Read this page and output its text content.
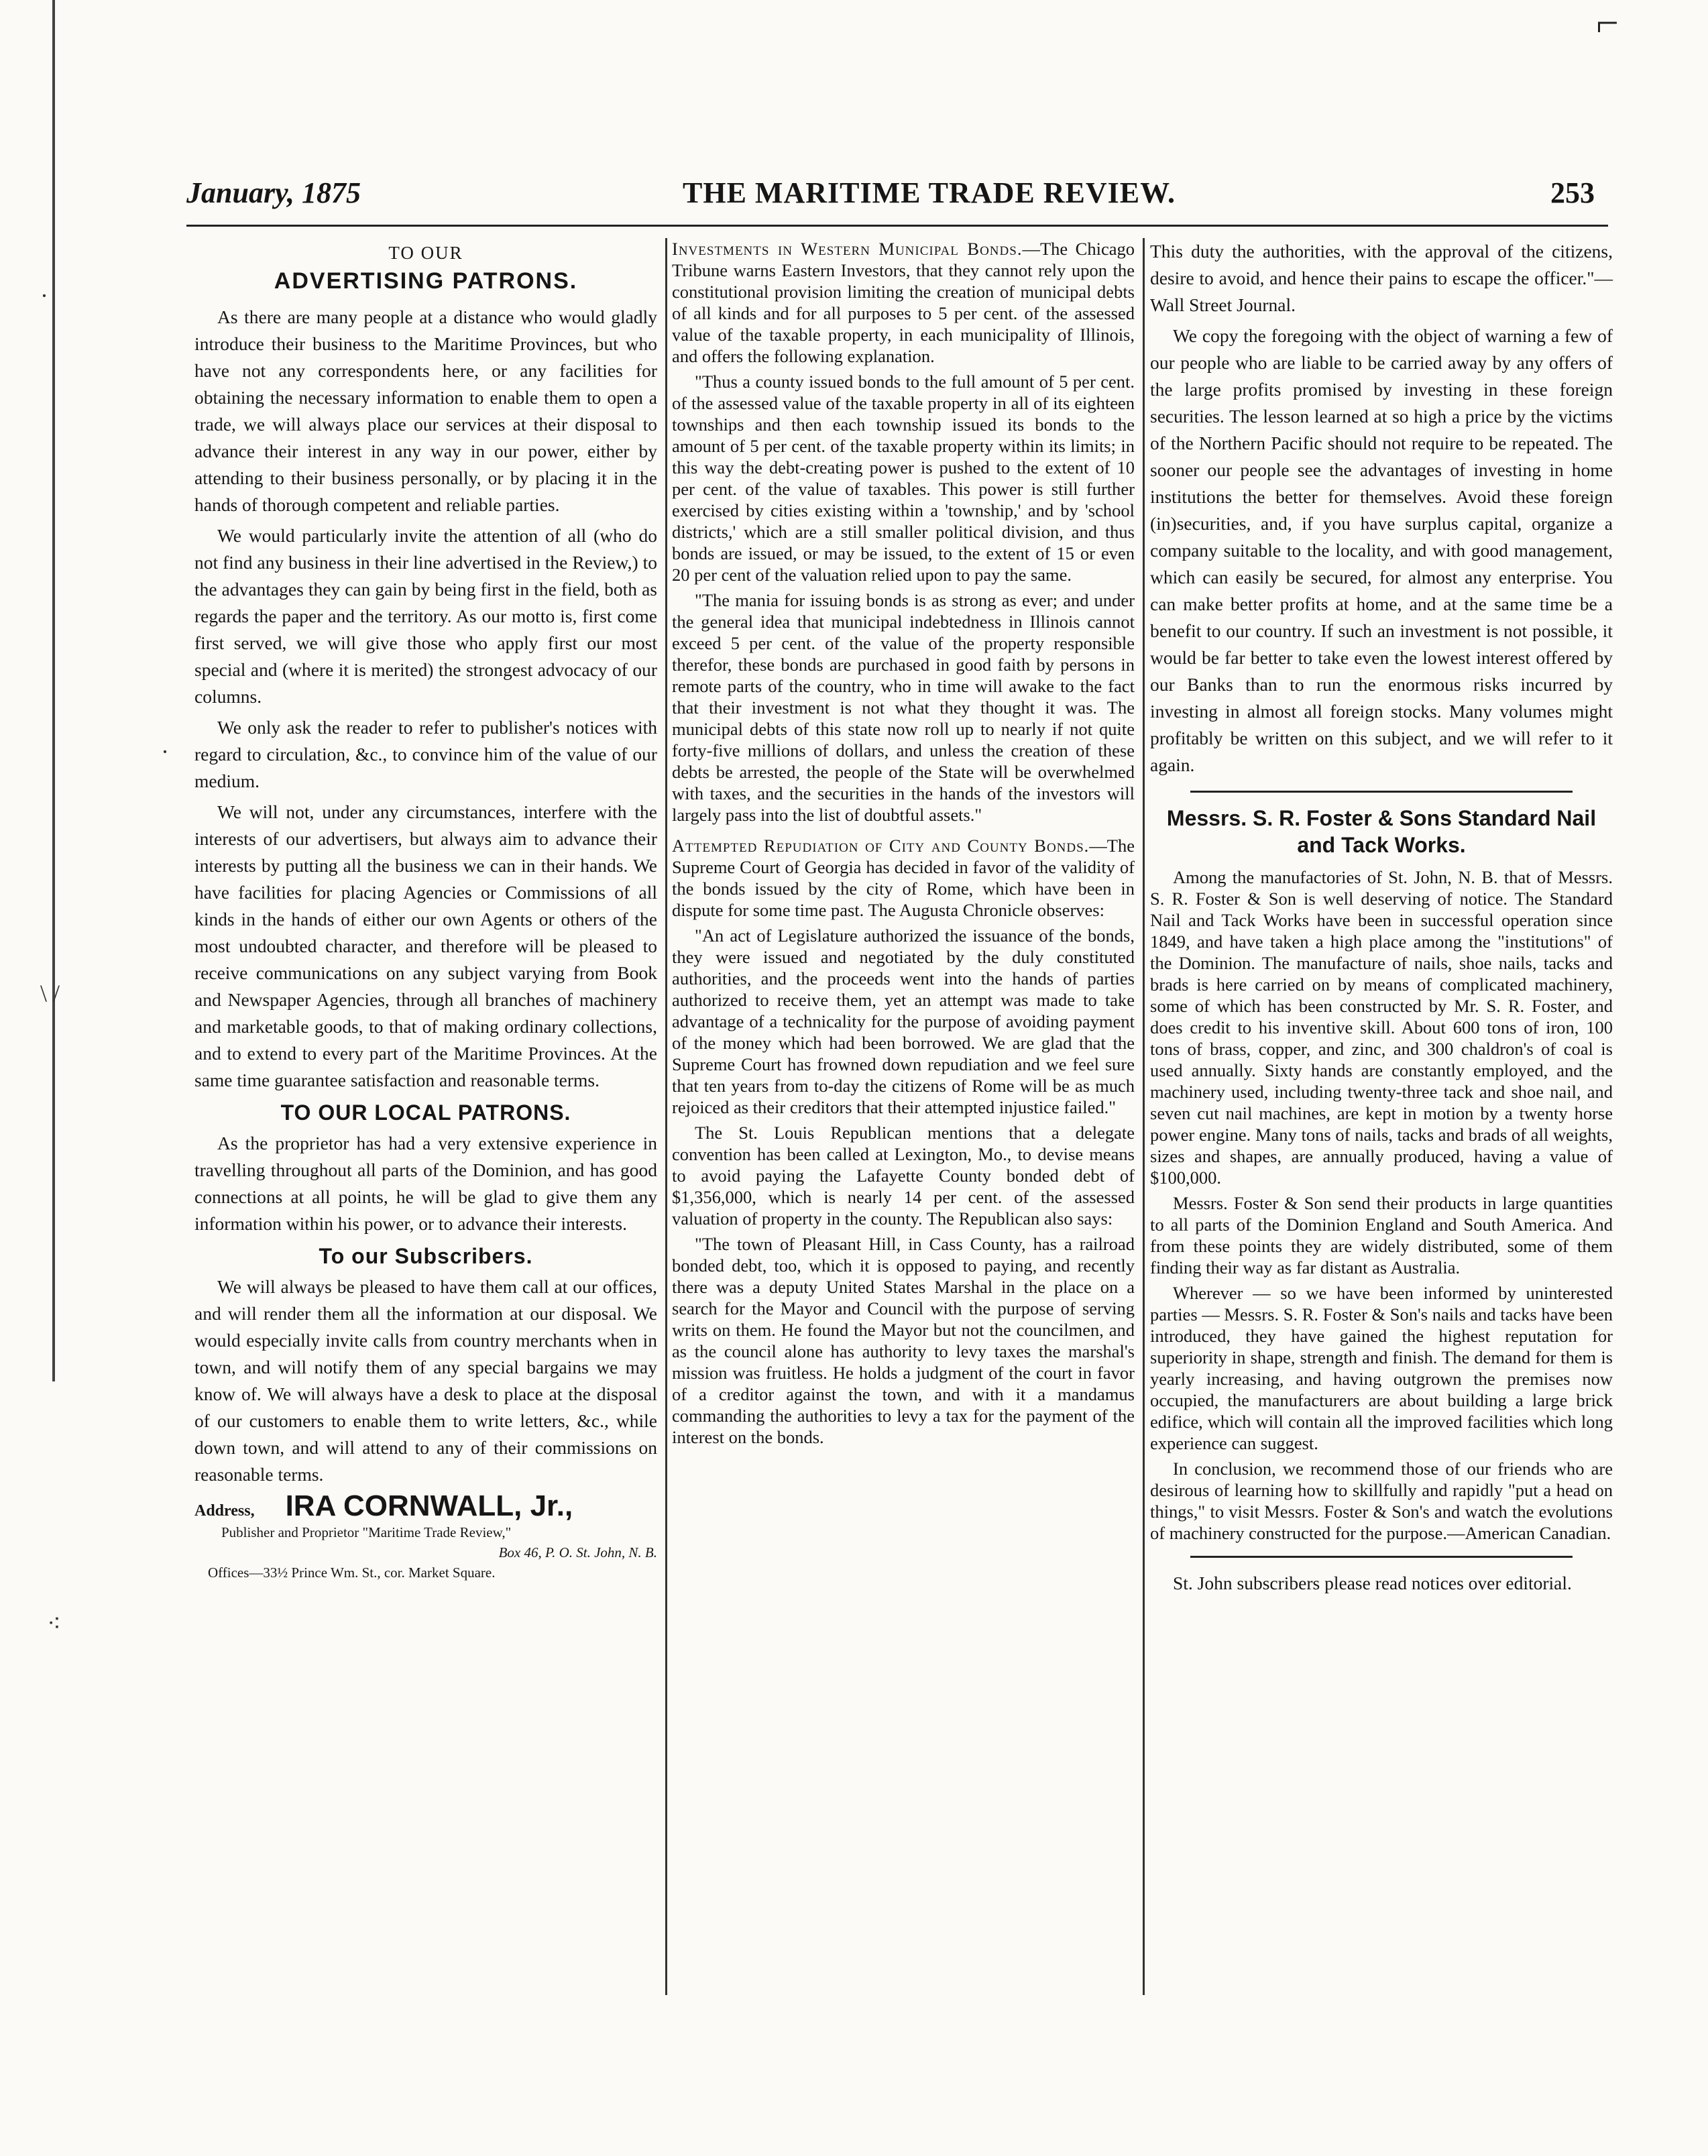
⌐
·
·
\ /
⁖
January, 1875	THE MARITIME TRADE REVIEW.	253
TO OUR
ADVERTISING PATRONS.

As there are many people at a distance who would gladly introduce their business to the Maritime Provinces, but who have not any correspondents here, or any facilities for obtaining the necessary information to enable them to open a trade, we will always place our services at their disposal to advance their interest in any way in our power, either by attending to their business personally, or by placing it in the hands of thorough competent and reliable parties.

We would particularly invite the attention of all (who do not find any business in their line advertised in the Review,) to the advantages they can gain by being first in the field, both as regards the paper and the territory. As our motto is, first come first served, we will give those who apply first our most special and (where it is merited) the strongest advocacy of our columns.

We only ask the reader to refer to publisher's notices with regard to circulation, &c., to convince him of the value of our medium.

We will not, under any circumstances, interfere with the interests of our advertisers, but always aim to advance their interests by putting all the business we can in their hands. We have facilities for placing Agencies or Commissions of all kinds in the hands of either our own Agents or others of the most undoubted character, and therefore will be pleased to receive communications on any subject varying from Book and Newspaper Agencies, through all branches of machinery and marketable goods, to that of making ordinary collections, and to extend to every part of the Maritime Provinces. At the same time guarantee satisfaction and reasonable terms.

TO OUR LOCAL PATRONS.

As the proprietor has had a very extensive experience in travelling throughout all parts of the Dominion, and has good connections at all points, he will be glad to give them any information within his power, or to advance their interests.

To our Subscribers.

We will always be pleased to have them call at our offices, and will render them all the information at our disposal. We would especially invite calls from country merchants when in town, and will notify them of any special bargains we may know of. We will always have a desk to place at the disposal of our customers to enable them to write letters, &c., while down town, and will attend to any of their commissions on reasonable terms.

Address, IRA CORNWALL, Jr.,
Publisher and Proprietor "Maritime Trade Review,"
Box 46, P. O. St. John, N. B.
Offices—33½ Prince Wm. St., cor. Market Square.

Investments in Western Municipal Bonds.—The Chicago Tribune warns Eastern Investors, that they cannot rely upon the constitutional provision limiting the creation of municipal debts of all kinds and for all purposes to 5 per cent. of the assessed value of the taxable property, in each municipality of Illinois, and offers the following explanation.

"Thus a county issued bonds to the full amount of 5 per cent. of the assessed value of the taxable property in all of its eighteen townships and then each township issued its bonds to the amount of 5 per cent. of the taxable property within its limits; in this way the debt-creating power is pushed to the extent of 10 per cent. of the value of taxables. This power is still further exercised by cities existing within a 'township,' and by 'school districts,' which are a still smaller political division, and thus bonds are issued, or may be issued, to the extent of 15 or even 20 per cent of the valuation relied upon to pay the same.

"The mania for issuing bonds is as strong as ever; and under the general idea that municipal indebtedness in Illinois cannot exceed 5 per cent. of the value of the property responsible therefor, these bonds are purchased in good faith by persons in remote parts of the country, who in time will awake to the fact that their investment is not what they thought it was. The municipal debts of this state now roll up to nearly if not quite forty-five millions of dollars, and unless the creation of these debts be arrested, the people of the State will be overwhelmed with taxes, and the securities in the hands of the investors will largely pass into the list of doubtful assets."

Attempted Repudiation of City and County Bonds.—The Supreme Court of Georgia has decided in favor of the validity of the bonds issued by the city of Rome, which have been in dispute for some time past. The Augusta Chronicle observes:

"An act of Legislature authorized the issuance of the bonds, they were issued and negotiated by the duly constituted authorities, and the proceeds went into the hands of parties authorized to receive them, yet an attempt was made to take advantage of a technicality for the purpose of avoiding payment of the money which had been borrowed. We are glad that the Supreme Court has frowned down repudiation and we feel sure that ten years from to-day the citizens of Rome will be as much rejoiced as their creditors that their attempted injustice failed."

The St. Louis Republican mentions that a delegate convention has been called at Lexington, Mo., to devise means to avoid paying the Lafayette County bonded debt of $1,356,000, which is nearly 14 per cent. of the assessed valuation of property in the county. The Republican also says:

"The town of Pleasant Hill, in Cass County, has a railroad bonded debt, too, which it is opposed to paying, and recently there was a deputy United States Marshal in the place on a search for the Mayor and Council with the purpose of serving writs on them. He found the Mayor but not the councilmen, and as the council alone has authority to levy taxes the marshal's mission was fruitless. He holds a judgment of the court in favor of a creditor against the town, and with it a mandamus commanding the authorities to levy a tax for the payment of the interest on the bonds.

This duty the authorities, with the approval of the citizens, desire to avoid, and hence their pains to escape the officer."— Wall Street Journal.

We copy the foregoing with the object of warning a few of our people who are liable to be carried away by any offers of the large profits promised by investing in these foreign securities. The lesson learned at so high a price by the victims of the Northern Pacific should not require to be repeated. The sooner our people see the advantages of investing in home institutions the better for themselves. Avoid these foreign (in)securities, and, if you have surplus capital, organize a company suitable to the locality, and with good management, which can easily be secured, for almost any enterprise. You can make better profits at home, and at the same time be a benefit to our country. If such an investment is not possible, it would be far better to take even the lowest interest offered by our Banks than to run the enormous risks incurred by investing in almost all foreign stocks. Many volumes might profitably be written on this subject, and we will refer to it again.

Messrs. S. R. Foster & Sons Standard Nail and Tack Works.

Among the manufactories of St. John, N. B. that of Messrs. S. R. Foster & Son is well deserving of notice. The Standard Nail and Tack Works have been in successful operation since 1849, and have taken a high place among the "institutions" of the Dominion. The manufacture of nails, shoe nails, tacks and brads is here carried on by means of complicated machinery, some of which has been constructed by Mr. S. R. Foster, and does credit to his inventive skill. About 600 tons of iron, 100 tons of brass, copper, and zinc, and 300 chaldron's of coal is used annually. Sixty hands are constantly employed, and the machinery used, including twenty-three tack and shoe nail, and seven cut nail machines, are kept in motion by a twenty horse power engine. Many tons of nails, tacks and brads of all weights, sizes and shapes, are annually produced, having a value of $100,000.

Messrs. Foster & Son send their products in large quantities to all parts of the Dominion England and South America. And from these points they are widely distributed, some of them finding their way as far distant as Australia.

Wherever — so we have been informed by uninterested parties — Messrs. S. R. Foster & Son's nails and tacks have been introduced, they have gained the highest reputation for superiority in shape, strength and finish. The demand for them is yearly increasing, and having outgrown the premises now occupied, the manufacturers are about building a large brick edifice, which will contain all the improved facilities which long experience can suggest.

In conclusion, we recommend those of our friends who are desirous of learning how to skillfully and rapidly "put a head on things," to visit Messrs. Foster & Son's and watch the evolutions of machinery constructed for the purpose.—American Canadian.

St. John subscribers please read notices over editorial.
